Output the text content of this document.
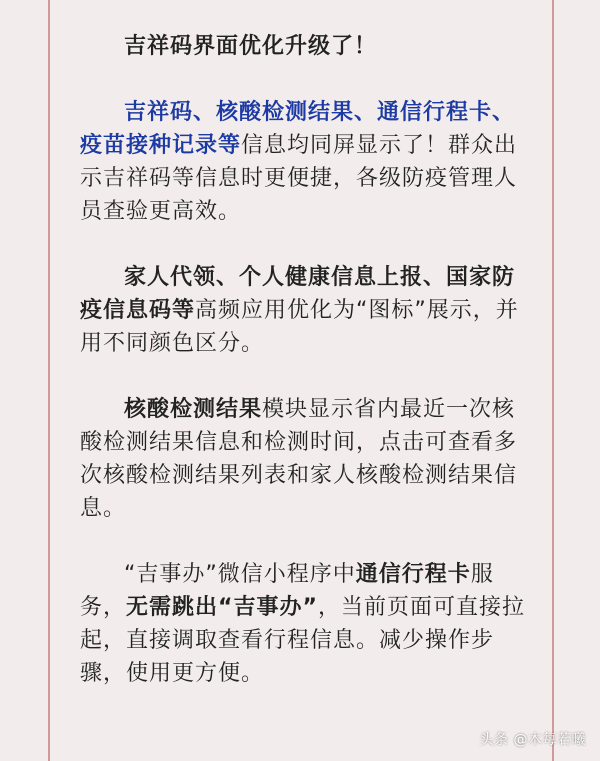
吉祥码界面优化升级了！

吉祥码、核酸检测结果、通信行程卡、疫苗接种记录等信息均同屏显示了！群众出示吉祥码等信息时更便捷，各级防疫管理人员查验更高效。

家人代领、个人健康信息上报、国家防疫信息码等高频应用优化为“图标”展示，并用不同颜色区分。

核酸检测结果模块显示省内最近一次核酸检测结果信息和检测时间，点击可查看多次核酸检测结果列表和家人核酸检测结果信息。

“吉事办”微信小程序中通信行程卡服务，无需跳出“吉事办”，当前页面可直接拉起，直接调取查看行程信息。减少操作步骤，使用更方便。

头条 @木每若曦
